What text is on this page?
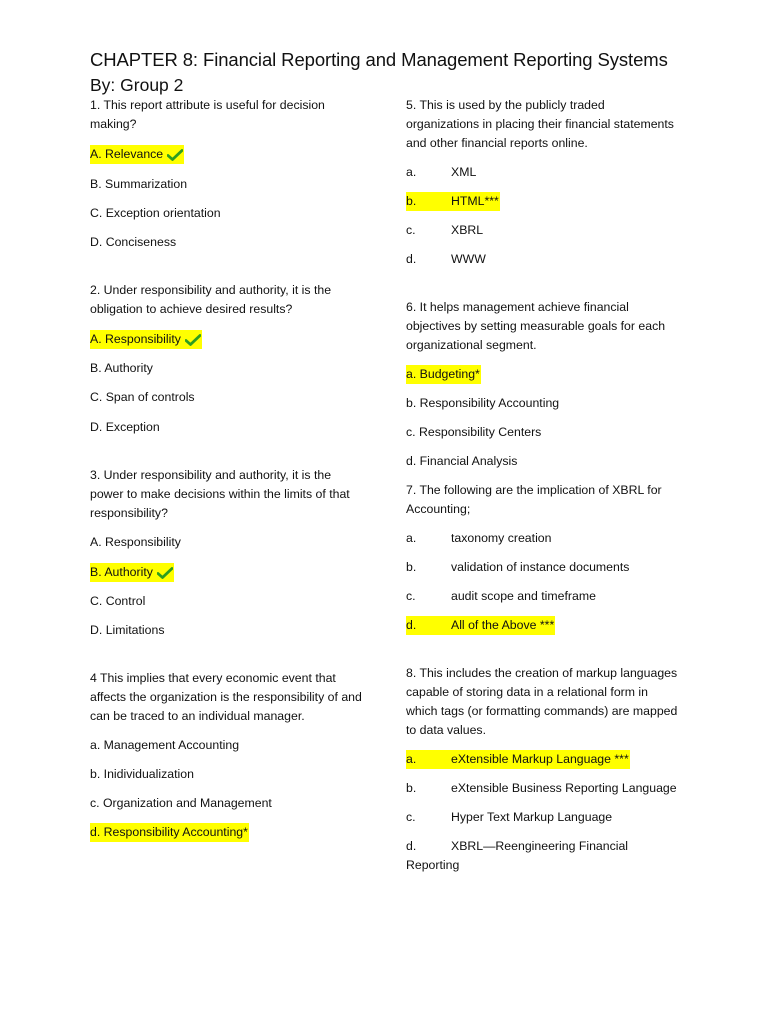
CHAPTER 8: Financial Reporting and Management Reporting Systems
By: Group 2

1. This report attribute is useful for decision making?

A. Relevance
B. Summarization
C. Exception orientation
D. Conciseness

2. Under responsibility and authority, it is the obligation to achieve desired results?

A. Responsibility
B. Authority
C. Span of controls
D. Exception

3. Under responsibility and authority, it is the power to make decisions within the limits of that responsibility?

A. Responsibility
B. Authority
C. Control
D. Limitations

4 This implies that every economic event that affects the organization is the responsibility of and can be traced to an individual manager.

a. Management Accounting
b. Inidividualization
c. Organization and Management
d. Responsibility Accounting*

5. This is used by the publicly traded organizations in placing their financial statements and other financial reports online.

a.	XML
b.	HTML***
c.	XBRL
d.	WWW

6. It helps management achieve financial objectives by setting measurable goals for each organizational segment.

a. Budgeting*
b. Responsibility Accounting
c. Responsibility Centers
d. Financial Analysis

7. The following are the implication of XBRL for Accounting;

a.	taxonomy creation
b.	validation of instance documents
c.	audit scope and timeframe
d.	All of the Above ***

8. This includes the creation of markup languages capable of storing data in a relational form in which tags (or formatting commands) are mapped to data values.

a.	eXtensible Markup Language ***
b.	eXtensible Business Reporting Language
c.	Hyper Text Markup Language
d.	XBRL—Reengineering Financial Reporting
